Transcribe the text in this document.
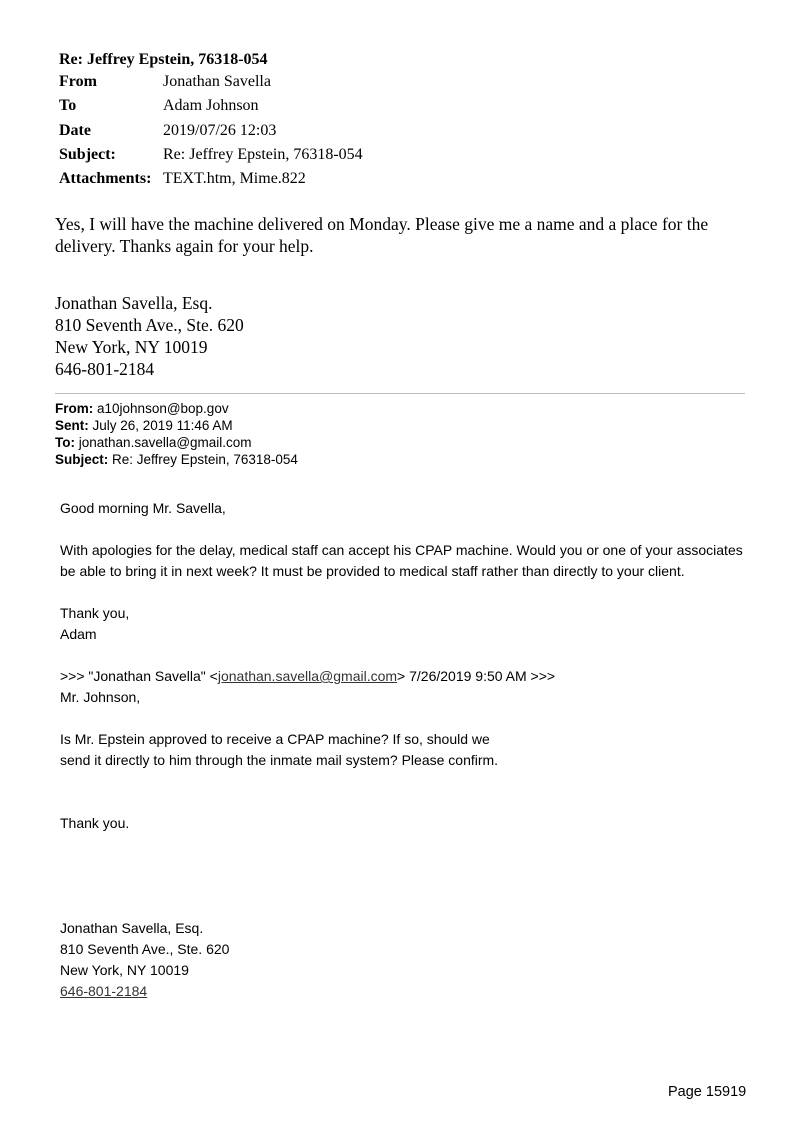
Re: Jeffrey Epstein, 76318-054
From	Jonathan Savella
To	Adam Johnson
Date	2019/07/26 12:03
Subject:	Re: Jeffrey Epstein, 76318-054
Attachments: TEXT.htm, Mime.822
Yes, I will have the machine delivered on Monday. Please give me a name and a place for the delivery. Thanks again for your help.
Jonathan Savella, Esq.
810 Seventh Ave., Ste. 620
New York, NY 10019
646-801-2184
From: a10johnson@bop.gov
Sent: July 26, 2019 11:46 AM
To: jonathan.savella@gmail.com
Subject: Re: Jeffrey Epstein, 76318-054

Good morning Mr. Savella,

With apologies for the delay, medical staff can accept his CPAP machine. Would you or one of your associates be able to bring it in next week? It must be provided to medical staff rather than directly to your client.

Thank you,

Adam

>>> "Jonathan Savella" <jonathan.savella@gmail.com> 7/26/2019 9:50 AM >>>

Mr. Johnson,

Is Mr. Epstein approved to receive a CPAP machine? If so, should we

send it directly to him through the inmate mail system? Please confirm.

Thank you.

Jonathan Savella, Esq.

810 Seventh Ave., Ste. 620

New York, NY 10019

646-801-2184

Page 15919
